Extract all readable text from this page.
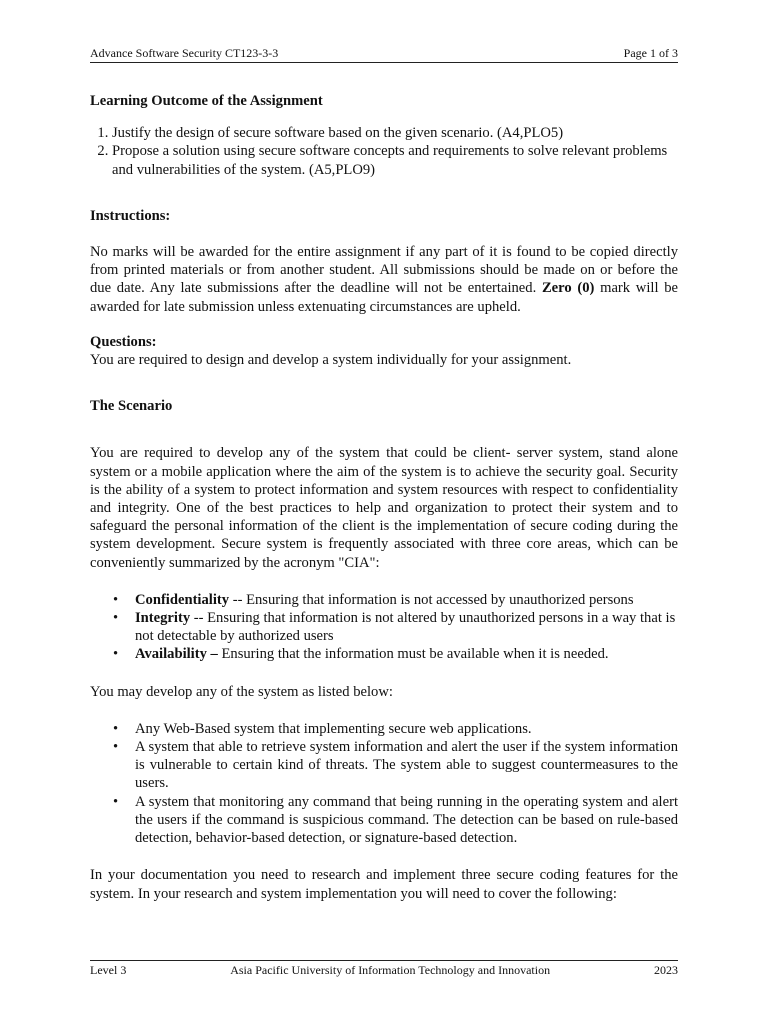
Advance Software Security CT123-3-3	Page 1 of 3
Learning Outcome of the Assignment
1. Justify the design of secure software based on the given scenario. (A4,PLO5)
2. Propose a solution using secure software concepts and requirements to solve relevant problems and vulnerabilities of the system. (A5,PLO9)
Instructions:

No marks will be awarded for the entire assignment if any part of it is found to be copied directly from printed materials or from another student. All submissions should be made on or before the due date. Any late submissions after the deadline will not be entertained. Zero (0) mark will be awarded for late submission unless extenuating circumstances are upheld.

Questions:

You are required to design and develop a system individually for your assignment.

The Scenario

You are required to develop any of the system that could be client- server system, stand alone system or a mobile application where the aim of the system is to achieve the security goal. Security is the ability of a system to protect information and system resources with respect to confidentiality and integrity. One of the best practices to help and organization to protect their system and to safeguard the personal information of the client is the implementation of secure coding during the system development. Secure system is frequently associated with three core areas, which can be conveniently summarized by the acronym "CIA":

• Confidentiality -- Ensuring that information is not accessed by unauthorized persons
• Integrity -- Ensuring that information is not altered by unauthorized persons in a way that is not detectable by authorized users
• Availability – Ensuring that the information must be available when it is needed.

You may develop any of the system as listed below:

• Any Web-Based system that implementing secure web applications.
• A system that able to retrieve system information and alert the user if the system information is vulnerable to certain kind of threats. The system able to suggest countermeasures to the users.
• A system that monitoring any command that being running in the operating system and alert the users if the command is suspicious command. The detection can be based on rule-based detection, behavior-based detection, or signature-based detection.

In your documentation you need to research and implement three secure coding features for the system. In your research and system implementation you will need to cover the following:

Level 3	Asia Pacific University of Information Technology and Innovation	2023
